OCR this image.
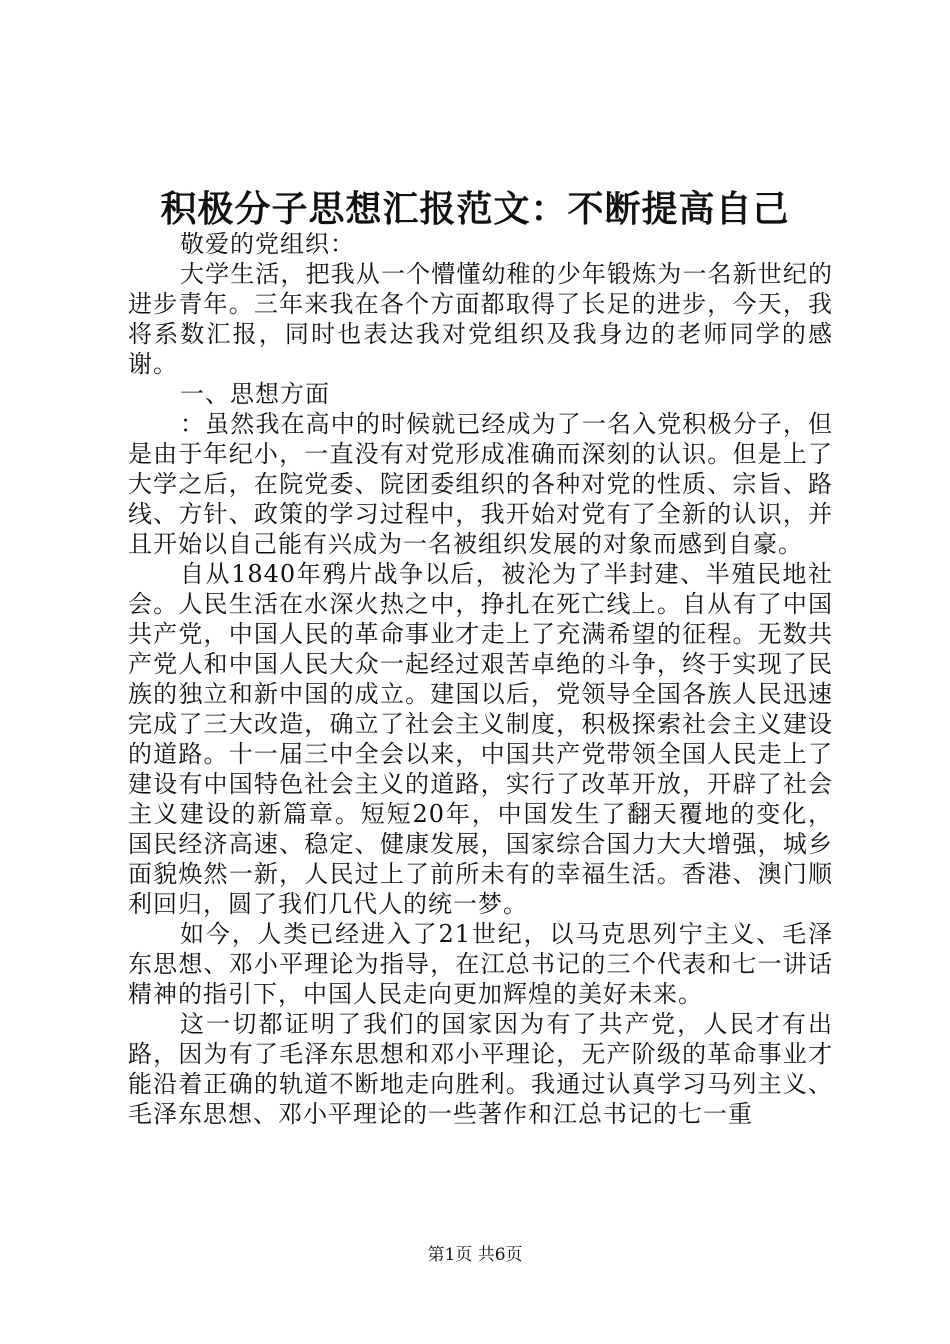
积极分子思想汇报范文：不断提高自己

敬爱的党组织：

大学生活，把我从一个懵懂幼稚的少年锻炼为一名新世纪的进步青年。三年来我在各个方面都取得了长足的进步，今天，我将系数汇报，同时也表达我对党组织及我身边的老师同学的感谢。

一、思想方面

：虽然我在高中的时候就已经成为了一名入党积极分子，但是由于年纪小，一直没有对党形成准确而深刻的认识。但是上了大学之后，在院党委、院团委组织的各种对党的性质、宗旨、路线、方针、政策的学习过程中，我开始对党有了全新的认识，并且开始以自己能有兴成为一名被组织发展的对象而感到自豪。

自从1840年鸦片战争以后，被沦为了半封建、半殖民地社会。人民生活在水深火热之中，挣扎在死亡线上。自从有了中国共产党，中国人民的革命事业才走上了充满希望的征程。无数共产党人和中国人民大众一起经过艰苦卓绝的斗争，终于实现了民族的独立和新中国的成立。建国以后，党领导全国各族人民迅速完成了三大改造，确立了社会主义制度，积极探索社会主义建设的道路。十一届三中全会以来，中国共产党带领全国人民走上了建设有中国特色社会主义的道路，实行了改革开放，开辟了社会主义建设的新篇章。短短20年，中国发生了翻天覆地的变化，国民经济高速、稳定、健康发展，国家综合国力大大增强，城乡面貌焕然一新，人民过上了前所未有的幸福生活。香港、澳门顺利回归，圆了我们几代人的统一梦。

如今，人类已经进入了21世纪，以马克思列宁主义、毛泽东思想、邓小平理论为指导，在江总书记的三个代表和七一讲话精神的指引下，中国人民走向更加辉煌的美好未来。

这一切都证明了我们的国家因为有了共产党，人民才有出路，因为有了毛泽东思想和邓小平理论，无产阶级的革命事业才能沿着正确的轨道不断地走向胜利。我通过认真学习马列主义、毛泽东思想、邓小平理论的一些著作和江总书记的七一重

第1页 共6页
